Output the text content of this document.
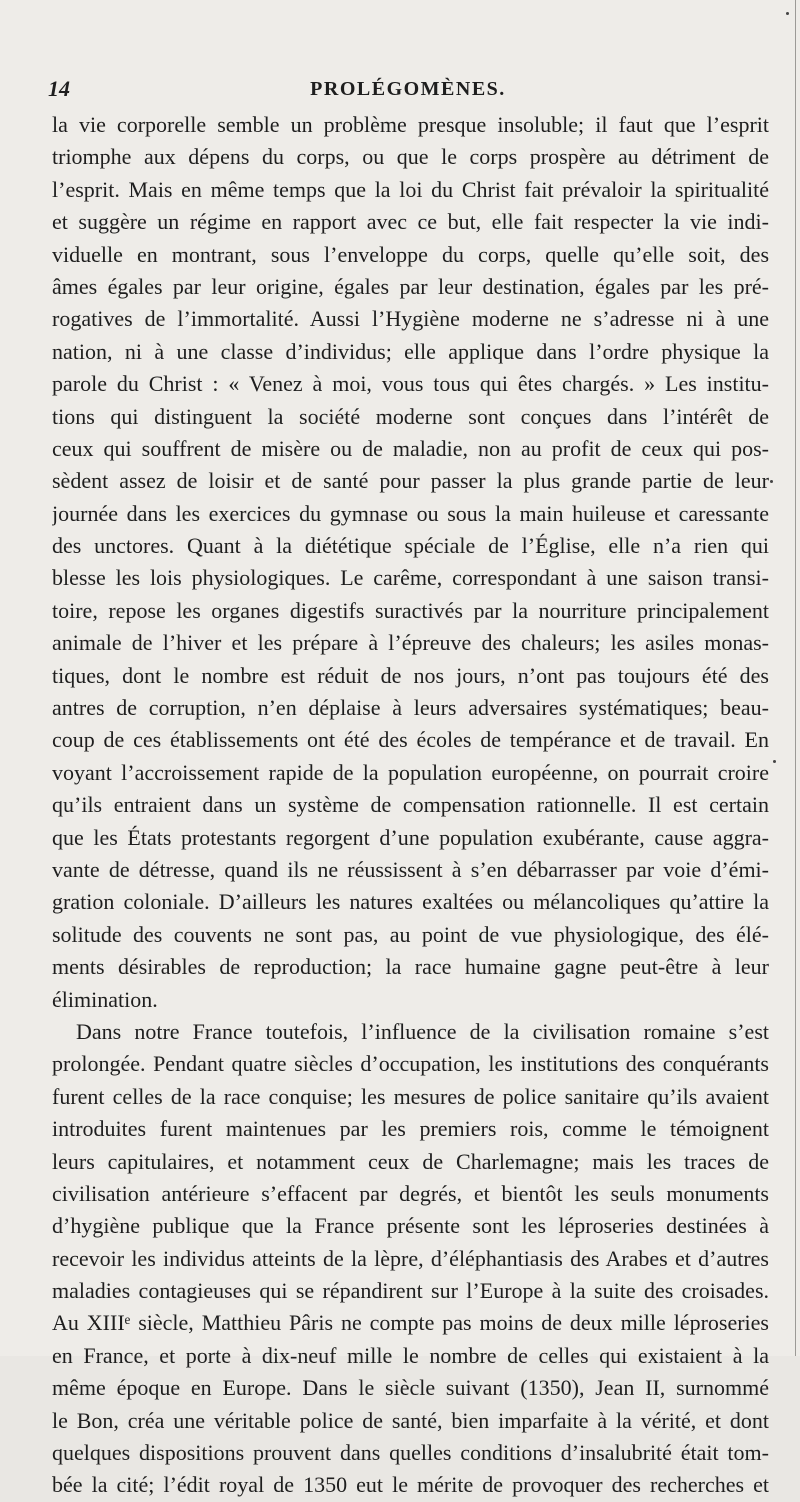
14	PROLÉGOMÈNES.
la vie corporelle semble un problème presque insoluble; il faut que l’esprit
triomphe aux dépens du corps, ou que le corps prospère au détriment de
l’esprit. Mais en même temps que la loi du Christ fait prévaloir la spiritualité
et suggère un régime en rapport avec ce but, elle fait respecter la vie indi-
viduelle en montrant, sous l’enveloppe du corps, quelle qu’elle soit, des
âmes égales par leur origine, égales par leur destination, égales par les pré-
rogatives de l’immortalité. Aussi l’Hygiène moderne ne s’adresse ni à une
nation, ni à une classe d’individus; elle applique dans l’ordre physique la
parole du Christ : « Venez à moi, vous tous qui êtes chargés. » Les institu-
tions qui distinguent la société moderne sont conçues dans l’intérêt de
ceux qui souffrent de misère ou de maladie, non au profit de ceux qui pos-
sèdent assez de loisir et de santé pour passer la plus grande partie de leur
journée dans les exercices du gymnase ou sous la main huileuse et caressante
des unctores. Quant à la diététique spéciale de l’Église, elle n’a rien qui
blesse les lois physiologiques. Le carême, correspondant à une saison transi-
toire, repose les organes digestifs suractivés par la nourriture principalement
animale de l’hiver et les prépare à l’épreuve des chaleurs; les asiles monas-
tiques, dont le nombre est réduit de nos jours, n’ont pas toujours été des
antres de corruption, n’en déplaise à leurs adversaires systématiques; beau-
coup de ces établissements ont été des écoles de tempérance et de travail. En
voyant l’accroissement rapide de la population européenne, on pourrait croire
qu’ils entraient dans un système de compensation rationnelle. Il est certain
que les États protestants regorgent d’une population exubérante, cause aggra-
vante de détresse, quand ils ne réussissent à s’en débarrasser par voie d’émi-
gration coloniale. D’ailleurs les natures exaltées ou mélancoliques qu’attire la
solitude des couvents ne sont pas, au point de vue physiologique, des élé-
ments désirables de reproduction; la race humaine gagne peut-être à leur
élimination.
Dans notre France toutefois, l’influence de la civilisation romaine s’est
prolongée. Pendant quatre siècles d’occupation, les institutions des conquérants
furent celles de la race conquise; les mesures de police sanitaire qu’ils avaient
introduites furent maintenues par les premiers rois, comme le témoignent
leurs capitulaires, et notamment ceux de Charlemagne; mais les traces de
civilisation antérieure s’effacent par degrés, et bientôt les seuls monuments
d’hygiène publique que la France présente sont les léproseries destinées à
recevoir les individus atteints de la lèpre, d’éléphantiasis des Arabes et d’autres
maladies contagieuses qui se répandirent sur l’Europe à la suite des croisades.
Au XIIIᵉ siècle, Matthieu Pâris ne compte pas moins de deux mille léproseries
en France, et porte à dix-neuf mille le nombre de celles qui existaient à la
même époque en Europe. Dans le siècle suivant (1350), Jean II, surnommé
le Bon, créa une véritable police de santé, bien imparfaite à la vérité, et dont
quelques dispositions prouvent dans quelles conditions d’insalubrité était tom-
bée la cité; l’édit royal de 1350 eut le mérite de provoquer des recherches et
